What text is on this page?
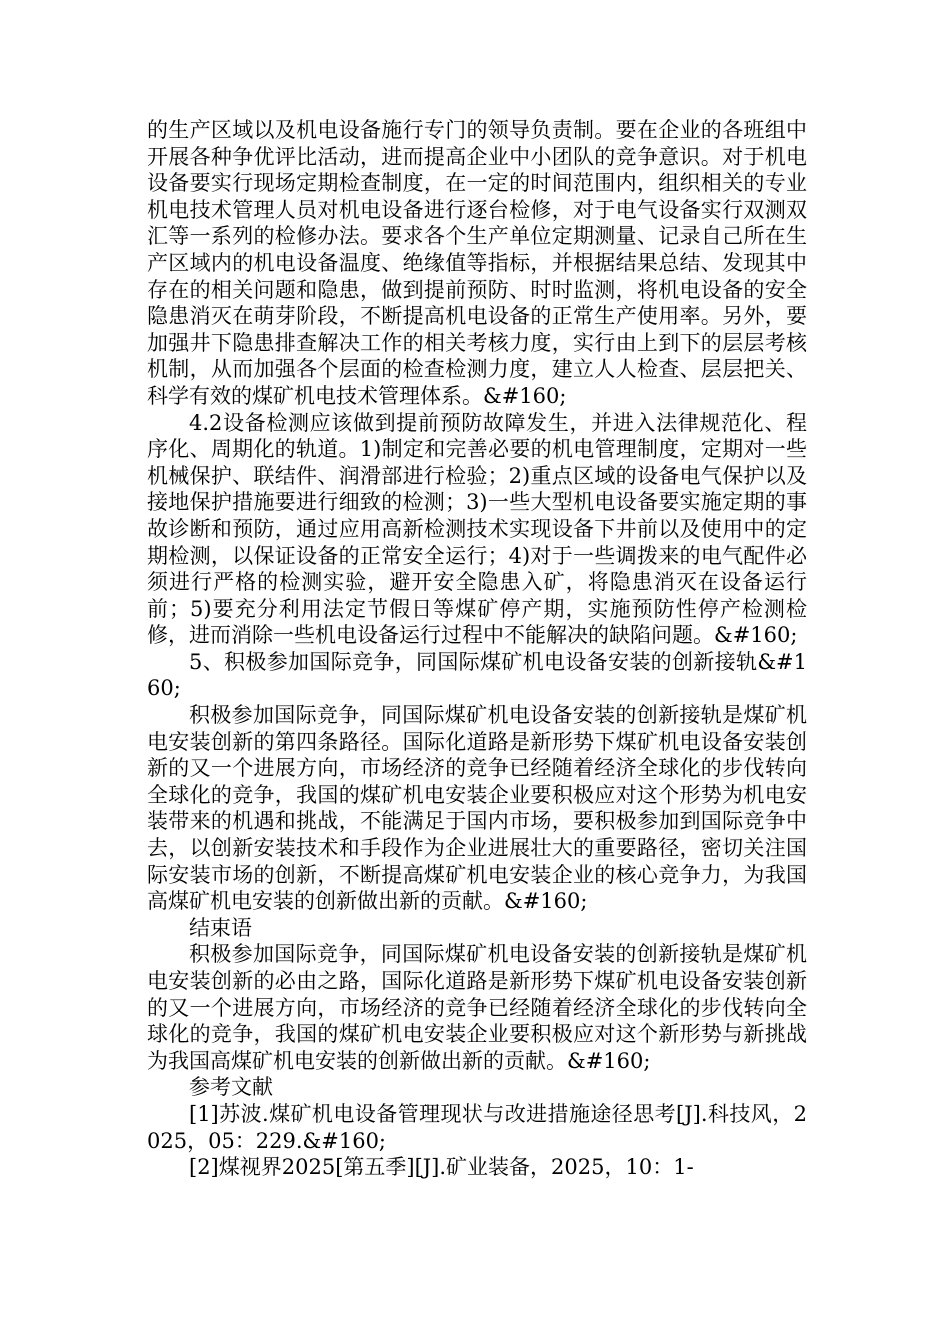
的生产区域以及机电设备施行专门的领导负责制。要在企业的各班组中开展各种争优评比活动，进而提高企业中小团队的竞争意识。对于机电设备要实行现场定期检查制度，在一定的时间范围内，组织相关的专业机电技术管理人员对机电设备进行逐台检修，对于电气设备实行双测双汇等一系列的检修办法。要求各个生产单位定期测量、记录自己所在生产区域内的机电设备温度、绝缘值等指标，并根据结果总结、发现其中存在的相关问题和隐患，做到提前预防、时时监测，将机电设备的安全隐患消灭在萌芽阶段，不断提高机电设备的正常生产使用率。另外，要加强井下隐患排查解决工作的相关考核力度，实行由上到下的层层考核机制，从而加强各个层面的检查检测力度，建立人人检查、层层把关、科学有效的煤矿机电技术管理体系。&#160;

4.2设备检测应该做到提前预防故障发生，并进入法律规范化、程序化、周期化的轨道。1)制定和完善必要的机电管理制度，定期对一些机械保护、联结件、润滑部进行检验；2)重点区域的设备电气保护以及接地保护措施要进行细致的检测；3)一些大型机电设备要实施定期的事故诊断和预防，通过应用高新检测技术实现设备下井前以及使用中的定期检测，以保证设备的正常安全运行；4)对于一些调拨来的电气配件必须进行严格的检测实验，避开安全隐患入矿，将隐患消灭在设备运行前；5)要充分利用法定节假日等煤矿停产期，实施预防性停产检测检修，进而消除一些机电设备运行过程中不能解决的缺陷问题。&#160;

5、积极参加国际竞争，同国际煤矿机电设备安装的创新接轨&#160;

积极参加国际竞争，同国际煤矿机电设备安装的创新接轨是煤矿机电安装创新的第四条路径。国际化道路是新形势下煤矿机电设备安装创新的又一个进展方向，市场经济的竞争已经随着经济全球化的步伐转向全球化的竞争，我国的煤矿机电安装企业要积极应对这个形势为机电安装带来的机遇和挑战，不能满足于国内市场，要积极参加到国际竞争中去，以创新安装技术和手段作为企业进展壮大的重要路径，密切关注国际安装市场的创新，不断提高煤矿机电安装企业的核心竞争力，为我国高煤矿机电安装的创新做出新的贡献。&#160;

结束语

积极参加国际竞争，同国际煤矿机电设备安装的创新接轨是煤矿机电安装创新的必由之路，国际化道路是新形势下煤矿机电设备安装创新的又一个进展方向，市场经济的竞争已经随着经济全球化的步伐转向全球化的竞争，我国的煤矿机电安装企业要积极应对这个新形势与新挑战为我国高煤矿机电安装的创新做出新的贡献。&#160;

参考文献

[1]苏波.煤矿机电设备管理现状与改进措施途径思考[J].科技风，2025，05：229.&#160;

[2]煤视界2025[第五季][J].矿业装备，2025，10：1-
